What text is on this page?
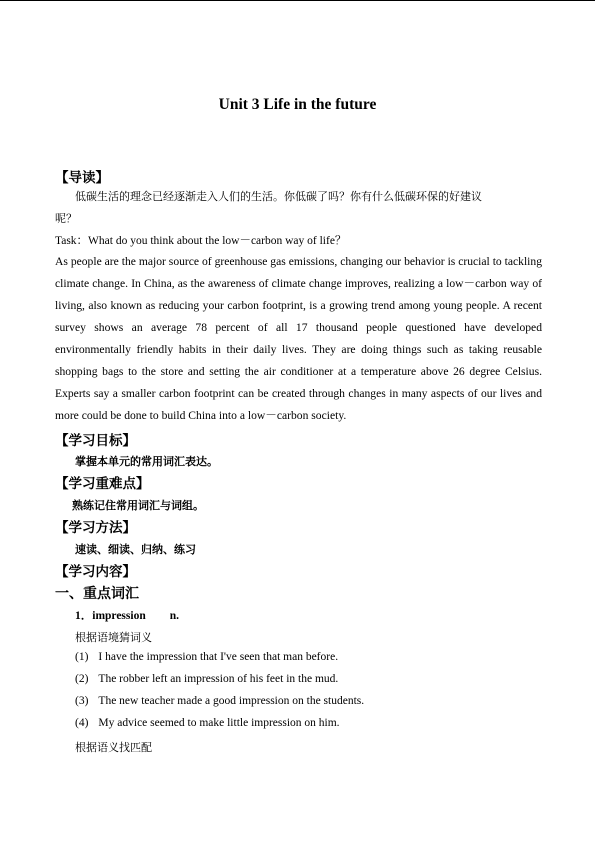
Unit 3 Life in the future
【导读】
低碳生活的理念已经逐渐走入人们的生活。你低碳了吗？你有什么低碳环保的好建议
呢？
Task：What do you think about the low－carbon way of life？
As people are the major source of greenhouse gas emissions, changing our behavior is crucial to tackling climate change. In China, as the awareness of climate change improves, realizing a low－carbon way of living, also known as reducing your carbon footprint, is a growing trend among young people. A recent survey shows an average 78 percent of all 17 thousand people questioned have developed environmentally friendly habits in their daily lives. They are doing things such as taking reusable shopping bags to the store and setting the air conditioner at a temperature above 26 degree Celsius. Experts say a smaller carbon footprint can be created through changes in many aspects of our lives and more could be done to build China into a low－carbon society.
【学习目标】
掌握本单元的常用词汇表达。
【学习重难点】
熟练记住常用词汇与词组。
【学习方法】
速读、细读、归纳、练习
【学习内容】
一、重点词汇
1．impression n.
根据语境猜词义
(1) I have the impression that I've seen that man before.
(2) The robber left an impression of his feet in the mud.
(3) The new teacher made a good impression on the students.
(4) My advice seemed to make little impression on him.
根据语义找匹配
